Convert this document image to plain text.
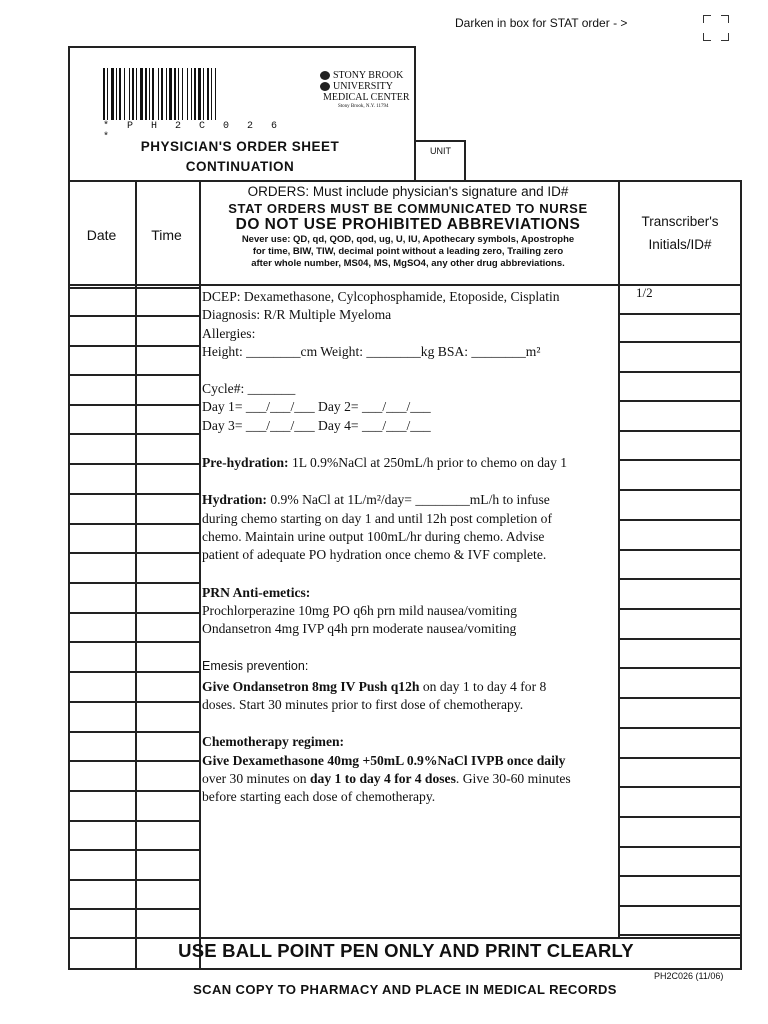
Darken in box for STAT order - >
* P H 2 C 0 2 6 *
STONY BROOK
UNIVERSITY
MEDICAL CENTER
Stony Brook, N.Y. 11794
PHYSICIAN'S ORDER SHEET
CONTINUATION
UNIT
Date	Time
ORDERS: Must include physician's signature and ID#
STAT ORDERS MUST BE COMMUNICATED TO NURSE
DO NOT USE PROHIBITED ABBREVIATIONS
Never use: QD, qd, QOD, qod, ug, U, IU, Apothecary symbols, Apostrophe
for time, BIW, TIW, decimal point without a leading zero, Trailing zero
after whole number, MS04, MS, MgSO4, any other drug abbreviations.
Transcriber's
Initials/ID#
1/2
DCEP: Dexamethasone, Cylcophosphamide, Etoposide, Cisplatin
Diagnosis: R/R Multiple Myeloma
Allergies:
Height: ________cm Weight: ________kg BSA: ________m²
Cycle#: _______
Day 1= ___/___/___ Day 2= ___/___/___
Day 3= ___/___/___ Day 4= ___/___/___
Pre-hydration: 1L 0.9%NaCl at 250mL/h prior to chemo on day 1
Hydration: 0.9% NaCl at 1L/m²/day= ________mL/h to infuse
during chemo starting on day 1 and until 12h post completion of
chemo. Maintain urine output 100mL/hr during chemo. Advise
patient of adequate PO hydration once chemo & IVF complete.
PRN Anti-emetics:
Prochlorperazine 10mg PO q6h prn mild nausea/vomiting
Ondansetron 4mg IVP q4h prn moderate nausea/vomiting
Emesis prevention:
Give Ondansetron 8mg IV Push q12h on day 1 to day 4 for 8
doses. Start 30 minutes prior to first dose of chemotherapy.
Chemotherapy regimen:
Give Dexamethasone 40mg +50mL 0.9%NaCl IVPB once daily
over 30 minutes on day 1 to day 4 for 4 doses. Give 30-60 minutes
before starting each dose of chemotherapy.
USE BALL POINT PEN ONLY AND PRINT CLEARLY
PH2C026 (11/06)
SCAN COPY TO PHARMACY AND PLACE IN MEDICAL RECORDS
